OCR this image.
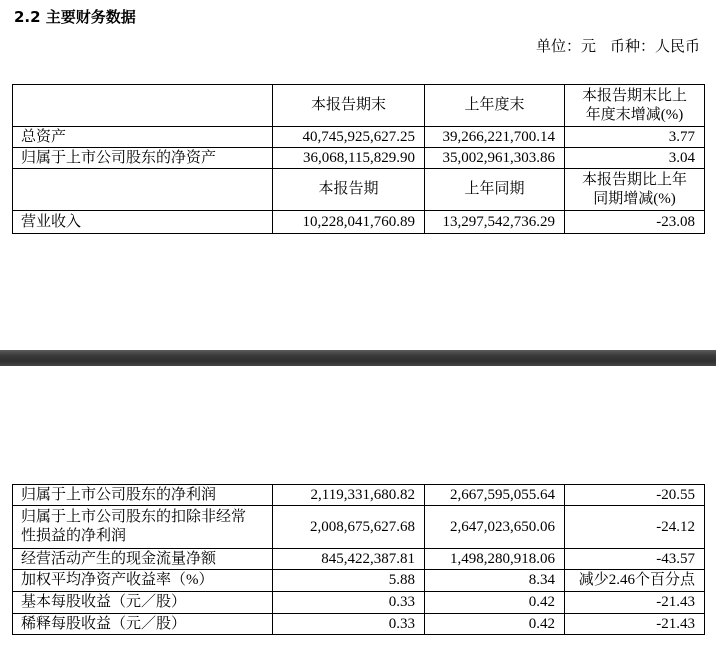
2.2 主要财务数据
单位：元 币种：人民币
	本报告期末	上年度末	本报告期末比上
年度末增减(%)

总资产	40,745,925,627.25	39,266,221,700.14	3.77
归属于上市公司股东的净资产	36,068,115,829.90	35,002,961,303.86	3.04
	本报告期	上年同期	本报告期比上年
同期增减(%)

营业收入	10,228,041,760.89	13,297,542,736.29	-23.08
归属于上市公司股东的净利润	2,119,331,680.82	2,667,595,055.64	-20.55

归属于上市公司股东的扣除非经常
性损益的净利润	2,008,675,627.68	2,647,023,650.06	-24.12
经营活动产生的现金流量净额	845,422,387.81	1,498,280,918.06	-43.57
加权平均净资产收益率（%）	5.88	8.34	减少2.46个百分点
基本每股收益（元／股）	0.33	0.42	-21.43
稀释每股收益（元／股）	0.33	0.42	-21.43
